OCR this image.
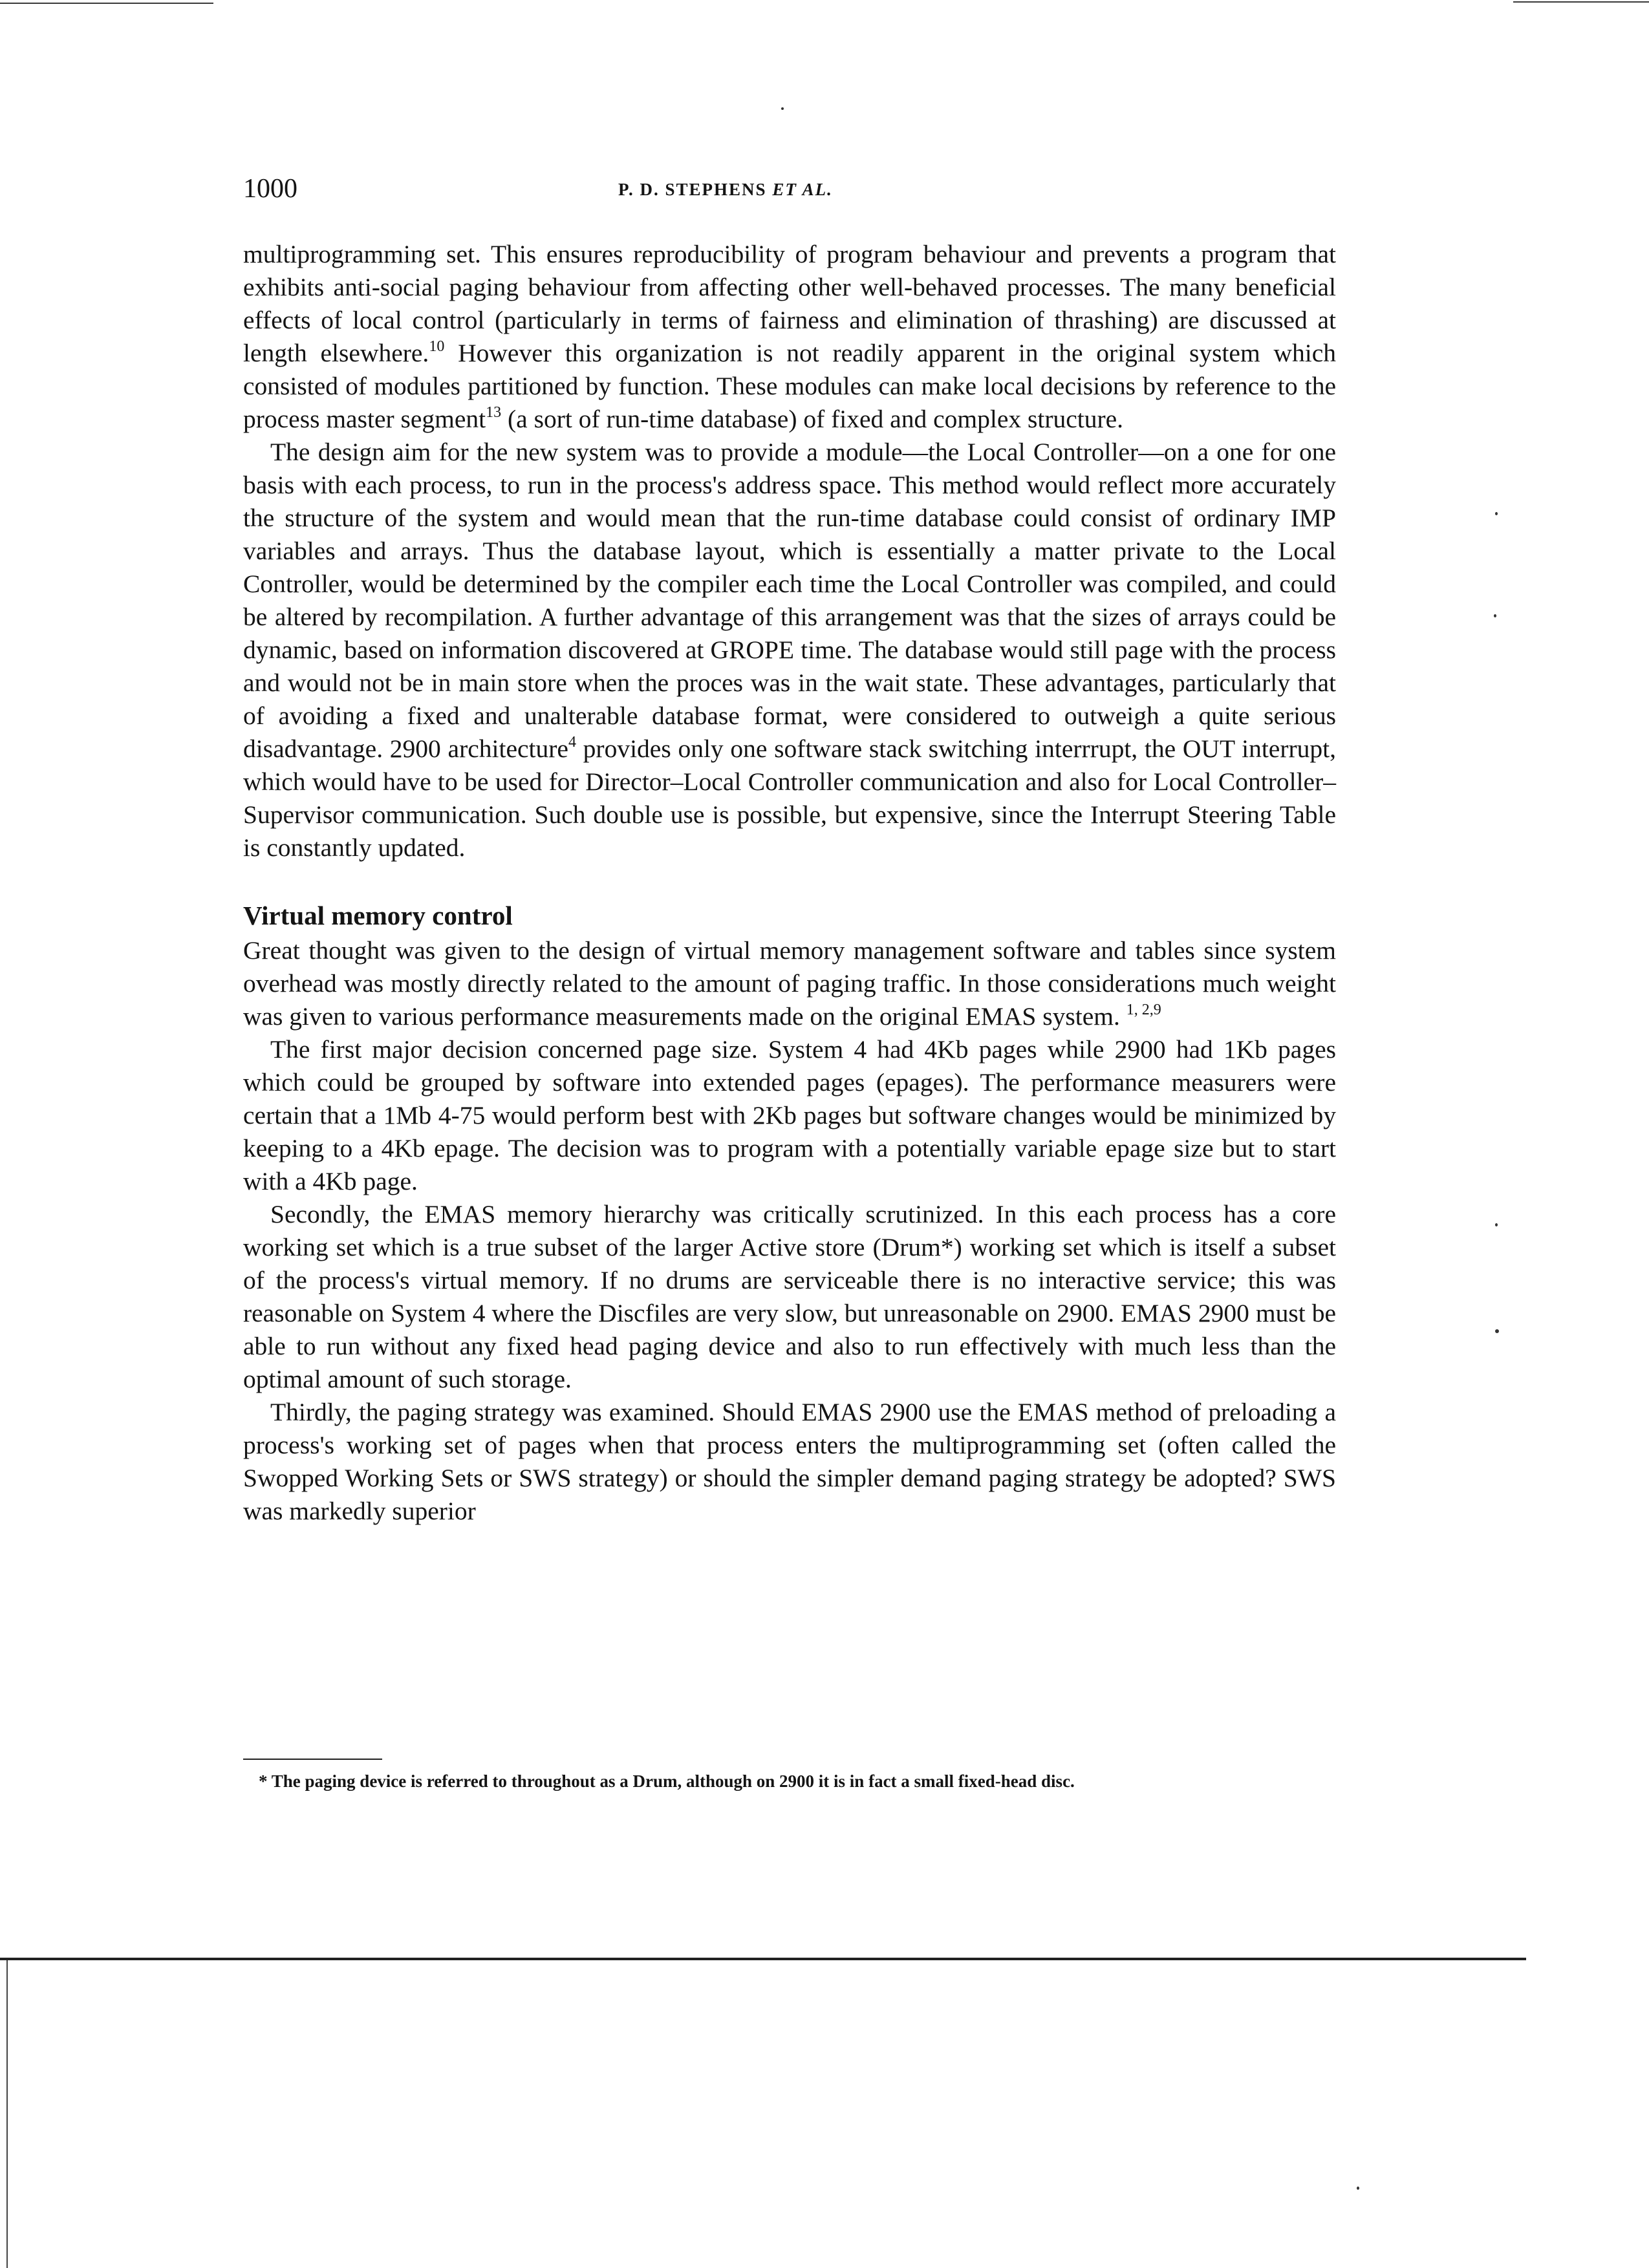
1000	P. D. STEPHENS ET AL.

multiprogramming set. This ensures reproducibility of program behaviour and prevents a program that exhibits anti-social paging behaviour from affecting other well-behaved processes. The many beneficial effects of local control (particularly in terms of fairness and elimination of thrashing) are discussed at length elsewhere.$^{10}$ However this organization is not readily apparent in the original system which consisted of modules partitioned by function. These modules can make local decisions by reference to the process master segment$^{13}$ (a sort of run-time database) of fixed and complex structure.

The design aim for the new system was to provide a module—the Local Controller—on a one for one basis with each process, to run in the process's address space. This method would reflect more accurately the structure of the system and would mean that the run-time database could consist of ordinary IMP variables and arrays. Thus the database layout, which is essentially a matter private to the Local Controller, would be determined by the compiler each time the Local Controller was compiled, and could be altered by recompilation. A further advantage of this arrangement was that the sizes of arrays could be dynamic, based on information discovered at GROPE time. The database would still page with the process and would not be in main store when the proces was in the wait state. These advantages, particularly that of avoiding a fixed and unalterable database format, were considered to outweigh a quite serious disadvantage. 2900 architecture$^4$ provides only one software stack switching interrrupt, the OUT interrupt, which would have to be used for Director–Local Controller communication and also for Local Controller–Supervisor communication. Such double use is possible, but expensive, since the Interrupt Steering Table is constantly updated.

Virtual memory control

Great thought was given to the design of virtual memory management software and tables since system overhead was mostly directly related to the amount of paging traffic. In those considerations much weight was given to various performance measurements made on the original EMAS system. $^{1, 2,9}$

The first major decision concerned page size. System 4 had 4Kb pages while 2900 had 1Kb pages which could be grouped by software into extended pages (epages). The performance measurers were certain that a 1Mb 4-75 would perform best with 2Kb pages but software changes would be minimized by keeping to a 4Kb epage. The decision was to program with a potentially variable epage size but to start with a 4Kb page.

Secondly, the EMAS memory hierarchy was critically scrutinized. In this each process has a core working set which is a true subset of the larger Active store (Drum*) working set which is itself a subset of the process's virtual memory. If no drums are serviceable there is no interactive service; this was reasonable on System 4 where the Discfiles are very slow, but unreasonable on 2900. EMAS 2900 must be able to run without any fixed head paging device and also to run effectively with much less than the optimal amount of such storage.

Thirdly, the paging strategy was examined. Should EMAS 2900 use the EMAS method of preloading a process's working set of pages when that process enters the multiprogramming set (often called the Swopped Working Sets or SWS strategy) or should the simpler demand paging strategy be adopted? SWS was markedly superior

* The paging device is referred to throughout as a Drum, although on 2900 it is in fact a small fixed-head disc.
